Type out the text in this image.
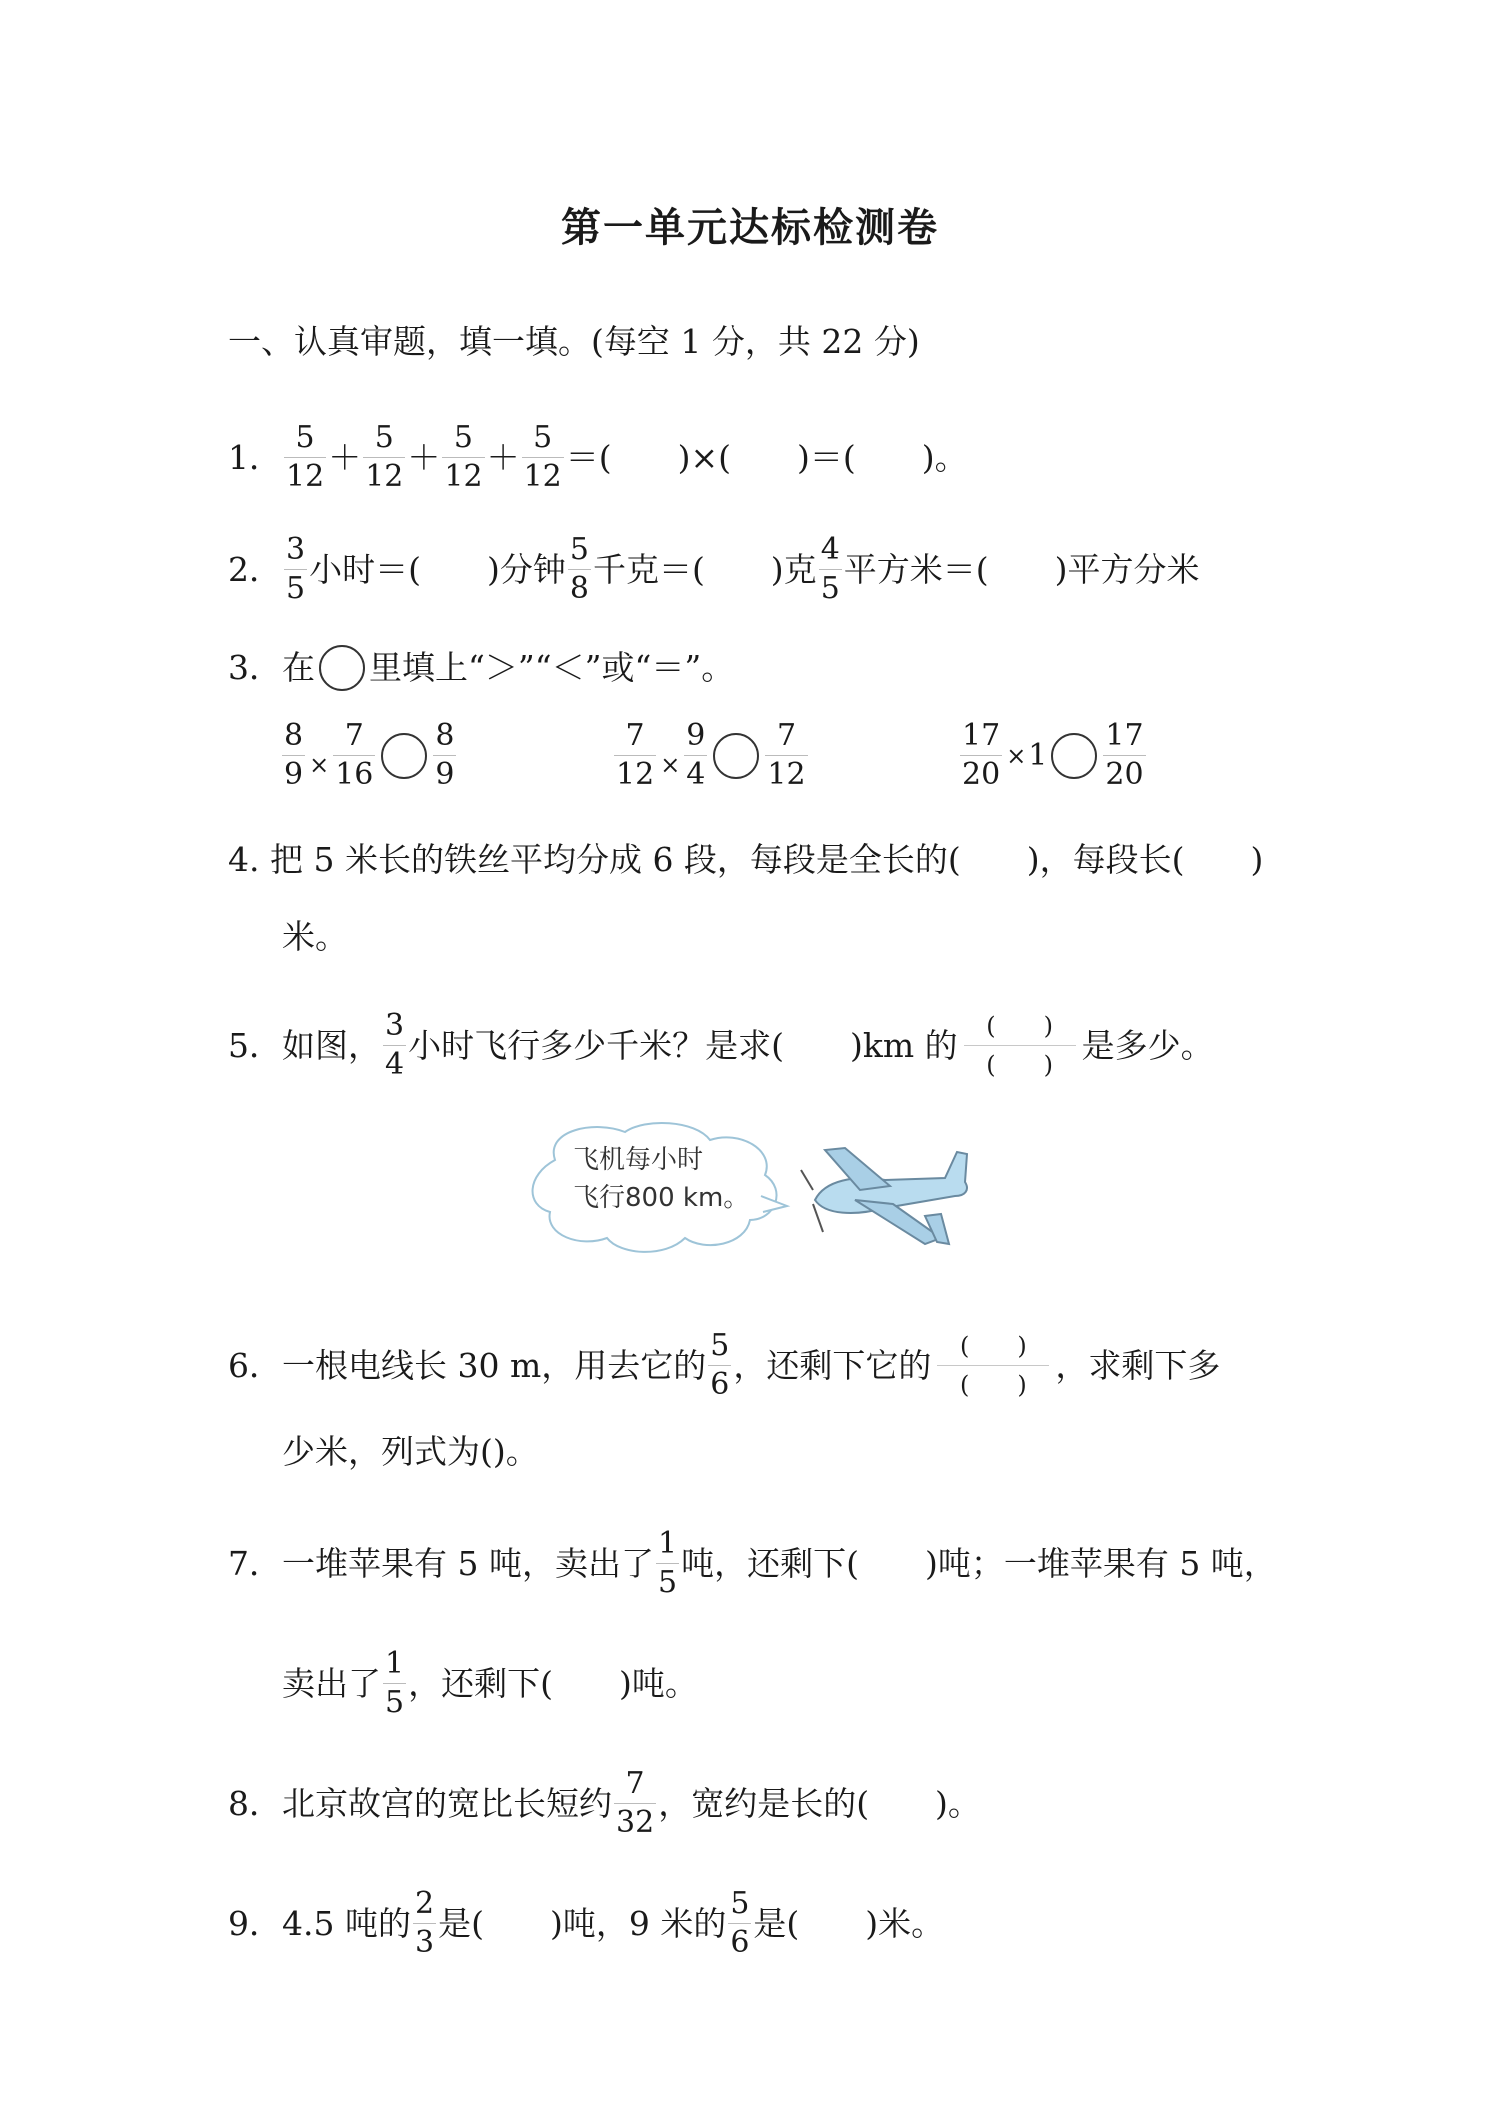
第一单元达标检测卷
一、认真审题，填一填。(每空 1 分，共 22 分)
1． $\frac{5}{12} + \frac{5}{12} + \frac{5}{12} + \frac{5}{12}$ ＝(　　)×(　　)＝(　　)。
2． $\frac{3}{5}$ 小时＝(　　)分钟 $\frac{5}{8}$ 千克＝(　　)克 $\frac{4}{5}$ 平方米＝(　　)平方分米
3． 在 里填上“＞”“＜”或“＝”。
$\frac{8}{9} \times \frac{7}{16} \frac{8}{9}$	$\frac{7}{12} \times \frac{9}{4} \frac{7}{12}$	$\frac{17}{20} \times 1 \frac{17}{20}$
4. 把 5 米长的铁丝平均分成 6 段，每段是全长的(　　)，每段长(　　)
米。
5． 如图， $\frac{3}{4}$ 小时飞行多少千米？是求(　　)km 的 (　　)
(　　)
是多少。
飞机每小时
飞行800 km。
6． 一根电线长 30 m，用去它的 $\frac{5}{6}$ ，还剩下它的 (　　)
(　　)
，求剩下多
少米，列式为()。
7． 一堆苹果有 5 吨，卖出了 $\frac{1}{5}$ 吨，还剩下(　　)吨；一堆苹果有 5 吨，
卖出了 $\frac{1}{5}$ ，还剩下(　　)吨。
8． 北京故宫的宽比长短约 $\frac{7}{32}$ ，宽约是长的(　　)。
9． 4.5 吨的 $\frac{2}{3}$ 是(　　)吨，9 米的 $\frac{5}{6}$ 是(　　)米。
